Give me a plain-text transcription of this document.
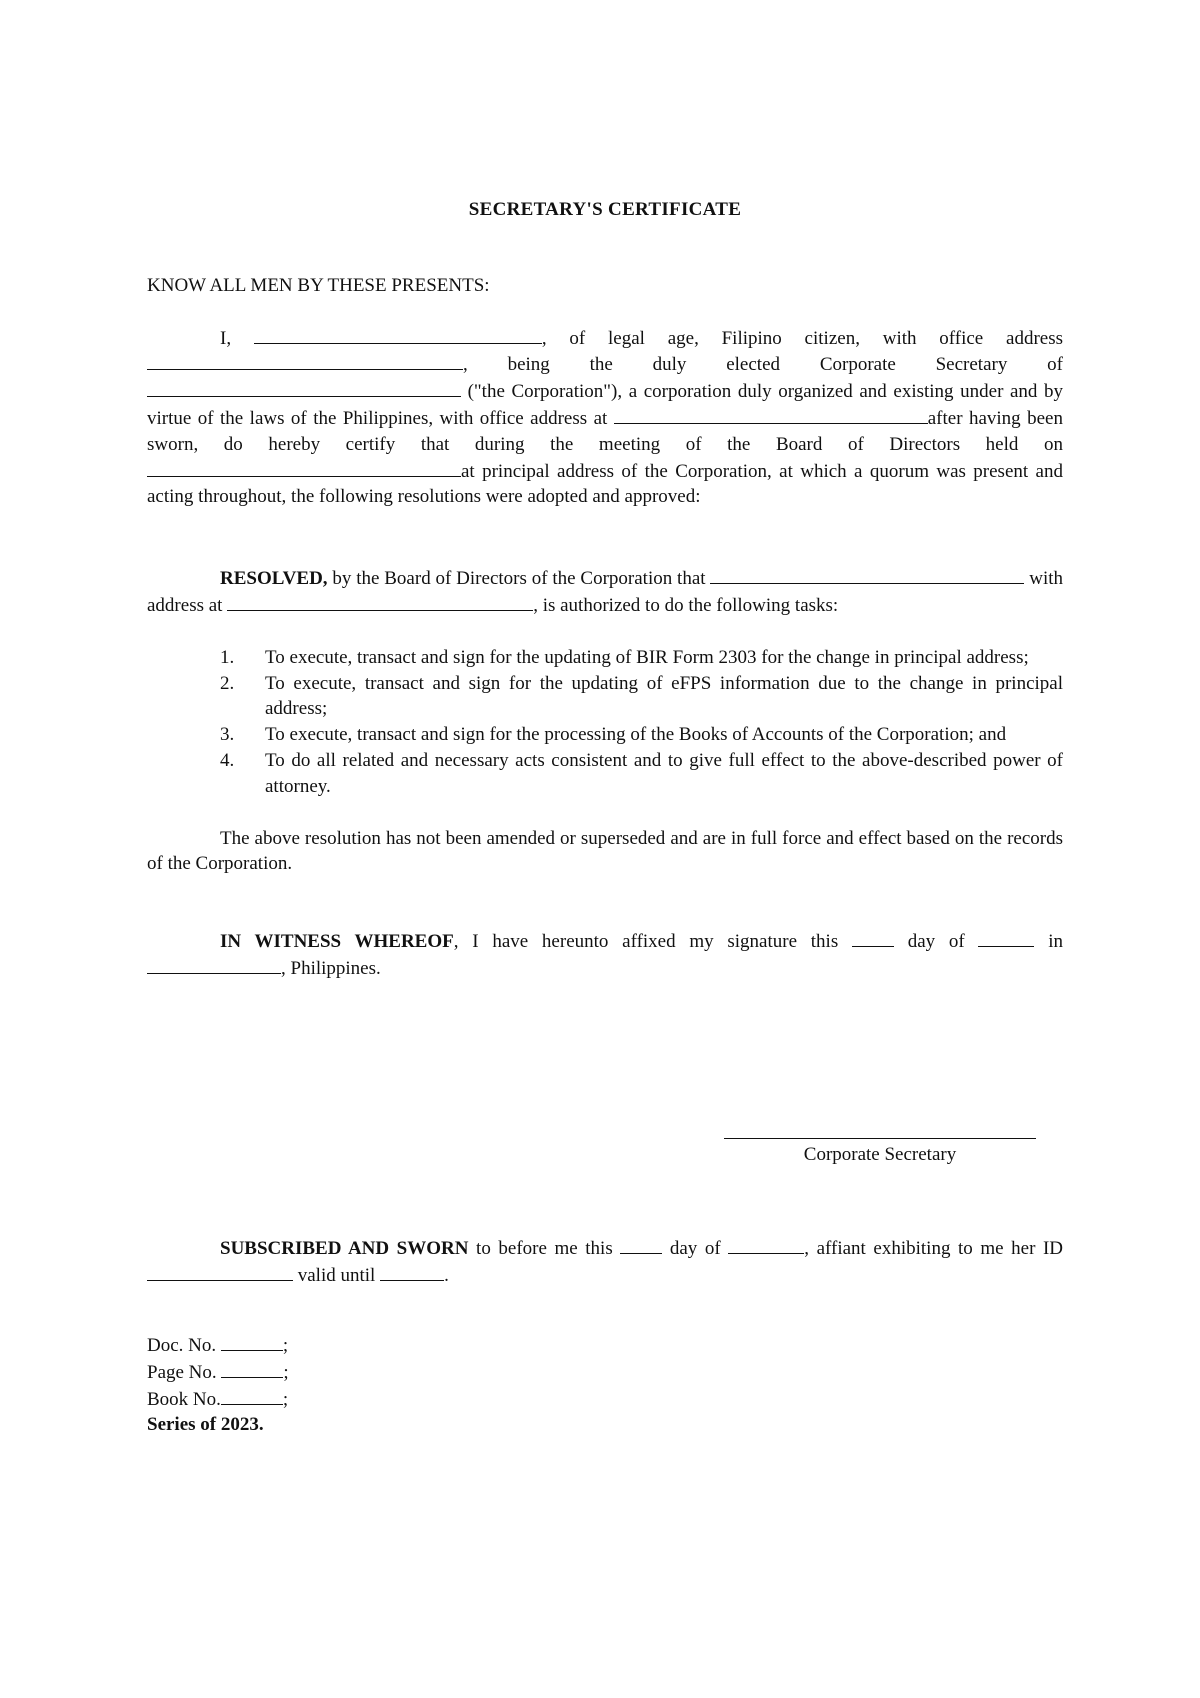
SECRETARY'S CERTIFICATE

KNOW ALL MEN BY THESE PRESENTS:

I,	, of legal age, Filipino citizen, with office address , being the duly elected Corporate Secretary of  ("the Corporation"), a corporation duly organized and existing under and by virtue of the laws of the Philippines, with office address at	after having been sworn, do hereby certify that during the meeting of the Board of Directors held on at principal address of the Corporation, at which a quorum was present and acting throughout, the following resolutions were adopted and approved:

RESOLVED, by the Board of Directors of the Corporation that	with address at	, is authorized to do the following tasks:

1. To execute, transact and sign for the updating of BIR Form 2303 for the change in principal address;
2. To execute, transact and sign for the updating of eFPS information due to the change in principal address;
3. To execute, transact and sign for the processing of the Books of Accounts of the Corporation; and
4. To do all related and necessary acts consistent and to give full effect to the above-described power of attorney.

The above resolution has not been amended or superseded and are in full force and effect based on the records of the Corporation.

IN WITNESS WHEREOF, I have hereunto affixed my signature this	day of	in , Philippines.

Corporate Secretary

SUBSCRIBED AND SWORN to before me this	day of	, affiant exhibiting to me her ID  valid until	.

Doc. No.	;
Page No.	;
Book No.	;
Series of 2023.
